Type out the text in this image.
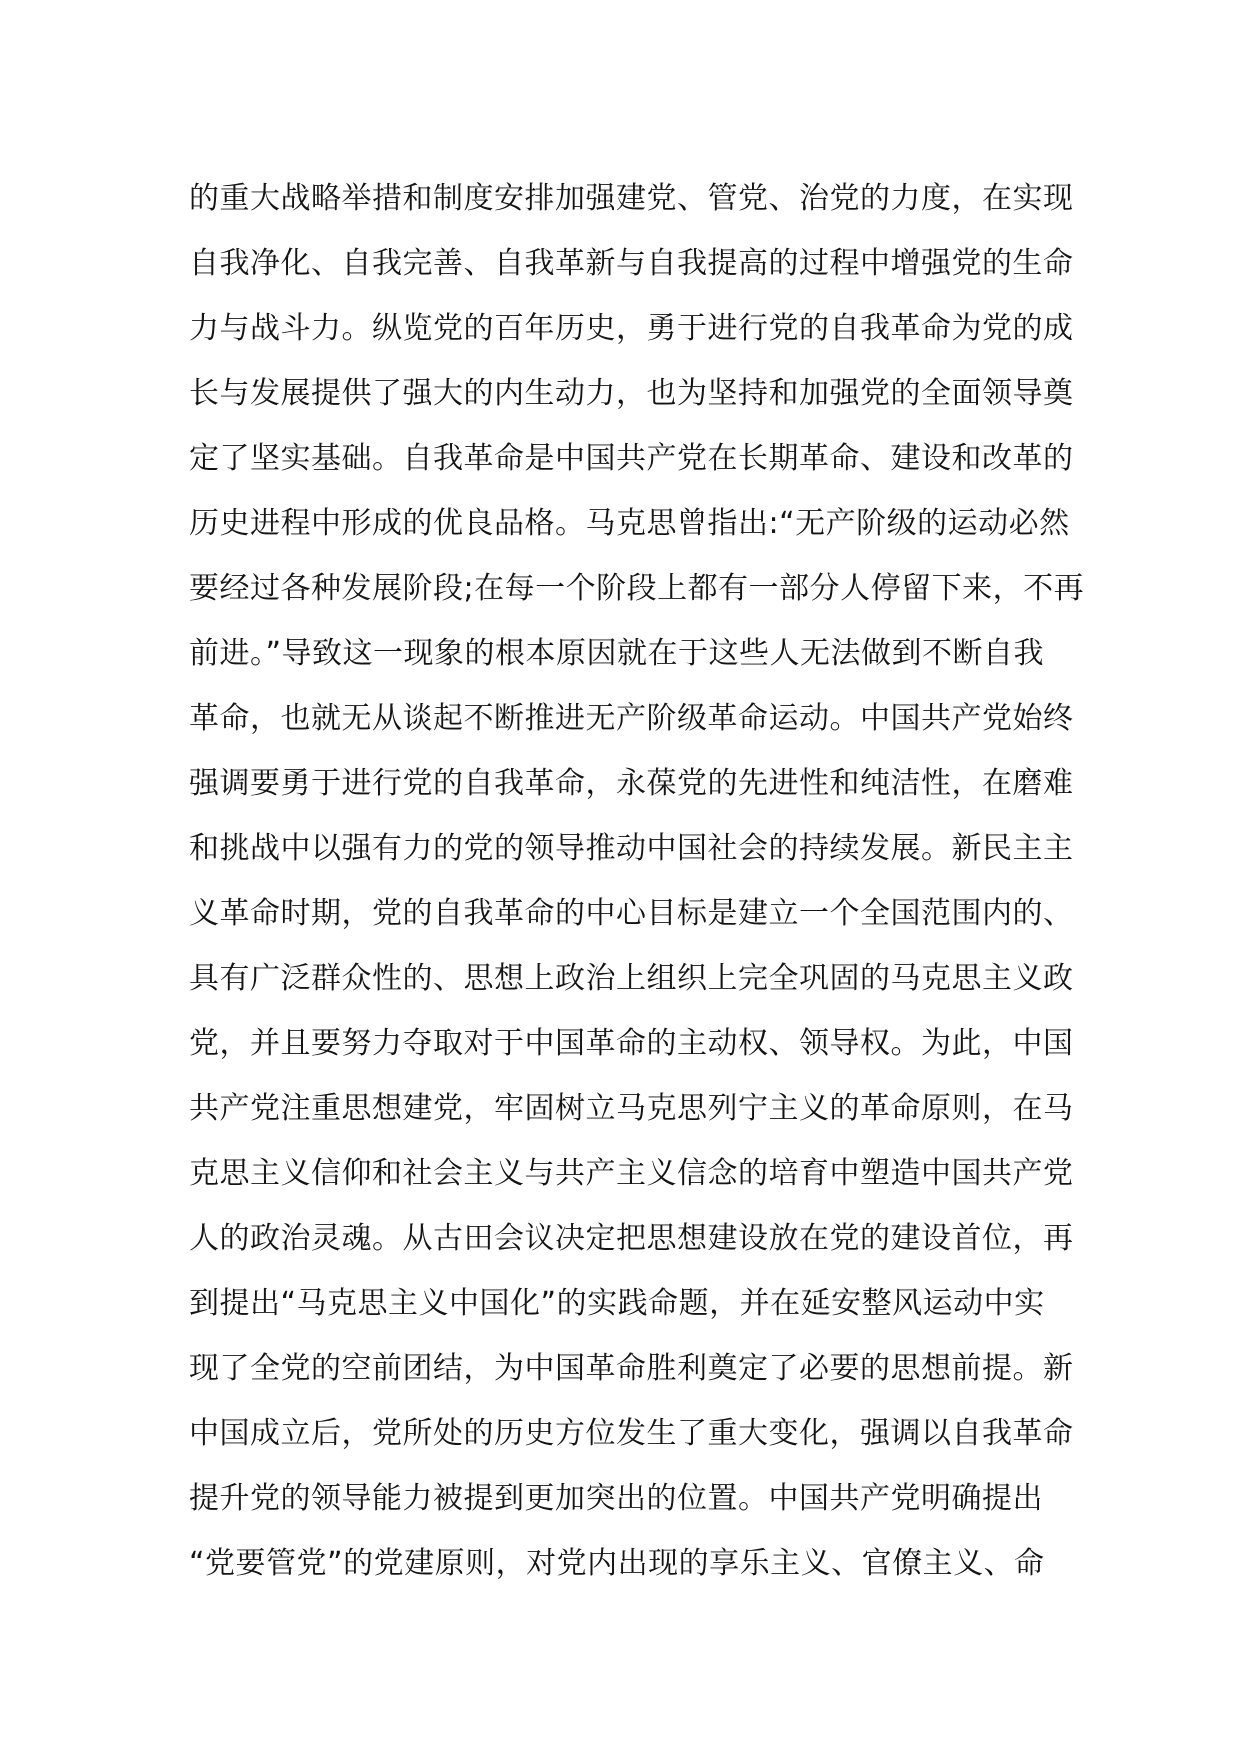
的重大战略举措和制度安排加强建党、管党、治党的力度，在实现
自我净化、自我完善、自我革新与自我提高的过程中增强党的生命
力与战斗力。纵览党的百年历史，勇于进行党的自我革命为党的成
长与发展提供了强大的内生动力，也为坚持和加强党的全面领导奠
定了坚实基础。自我革命是中国共产党在长期革命、建设和改革的
历史进程中形成的优良品格。马克思曾指出:“无产阶级的运动必然
要经过各种发展阶段;在每一个阶段上都有一部分人停留下来，不再
前进。”导致这一现象的根本原因就在于这些人无法做到不断自我
革命，也就无从谈起不断推进无产阶级革命运动。中国共产党始终
强调要勇于进行党的自我革命，永葆党的先进性和纯洁性，在磨难
和挑战中以强有力的党的领导推动中国社会的持续发展。新民主主
义革命时期，党的自我革命的中心目标是建立一个全国范围内的、
具有广泛群众性的、思想上政治上组织上完全巩固的马克思主义政
党，并且要努力夺取对于中国革命的主动权、领导权。为此，中国
共产党注重思想建党，牢固树立马克思列宁主义的革命原则，在马
克思主义信仰和社会主义与共产主义信念的培育中塑造中国共产党
人的政治灵魂。从古田会议决定把思想建设放在党的建设首位，再
到提出“马克思主义中国化”的实践命题，并在延安整风运动中实
现了全党的空前团结，为中国革命胜利奠定了必要的思想前提。新
中国成立后，党所处的历史方位发生了重大变化，强调以自我革命
提升党的领导能力被提到更加突出的位置。中国共产党明确提出
“党要管党”的党建原则，对党内出现的享乐主义、官僚主义、命
